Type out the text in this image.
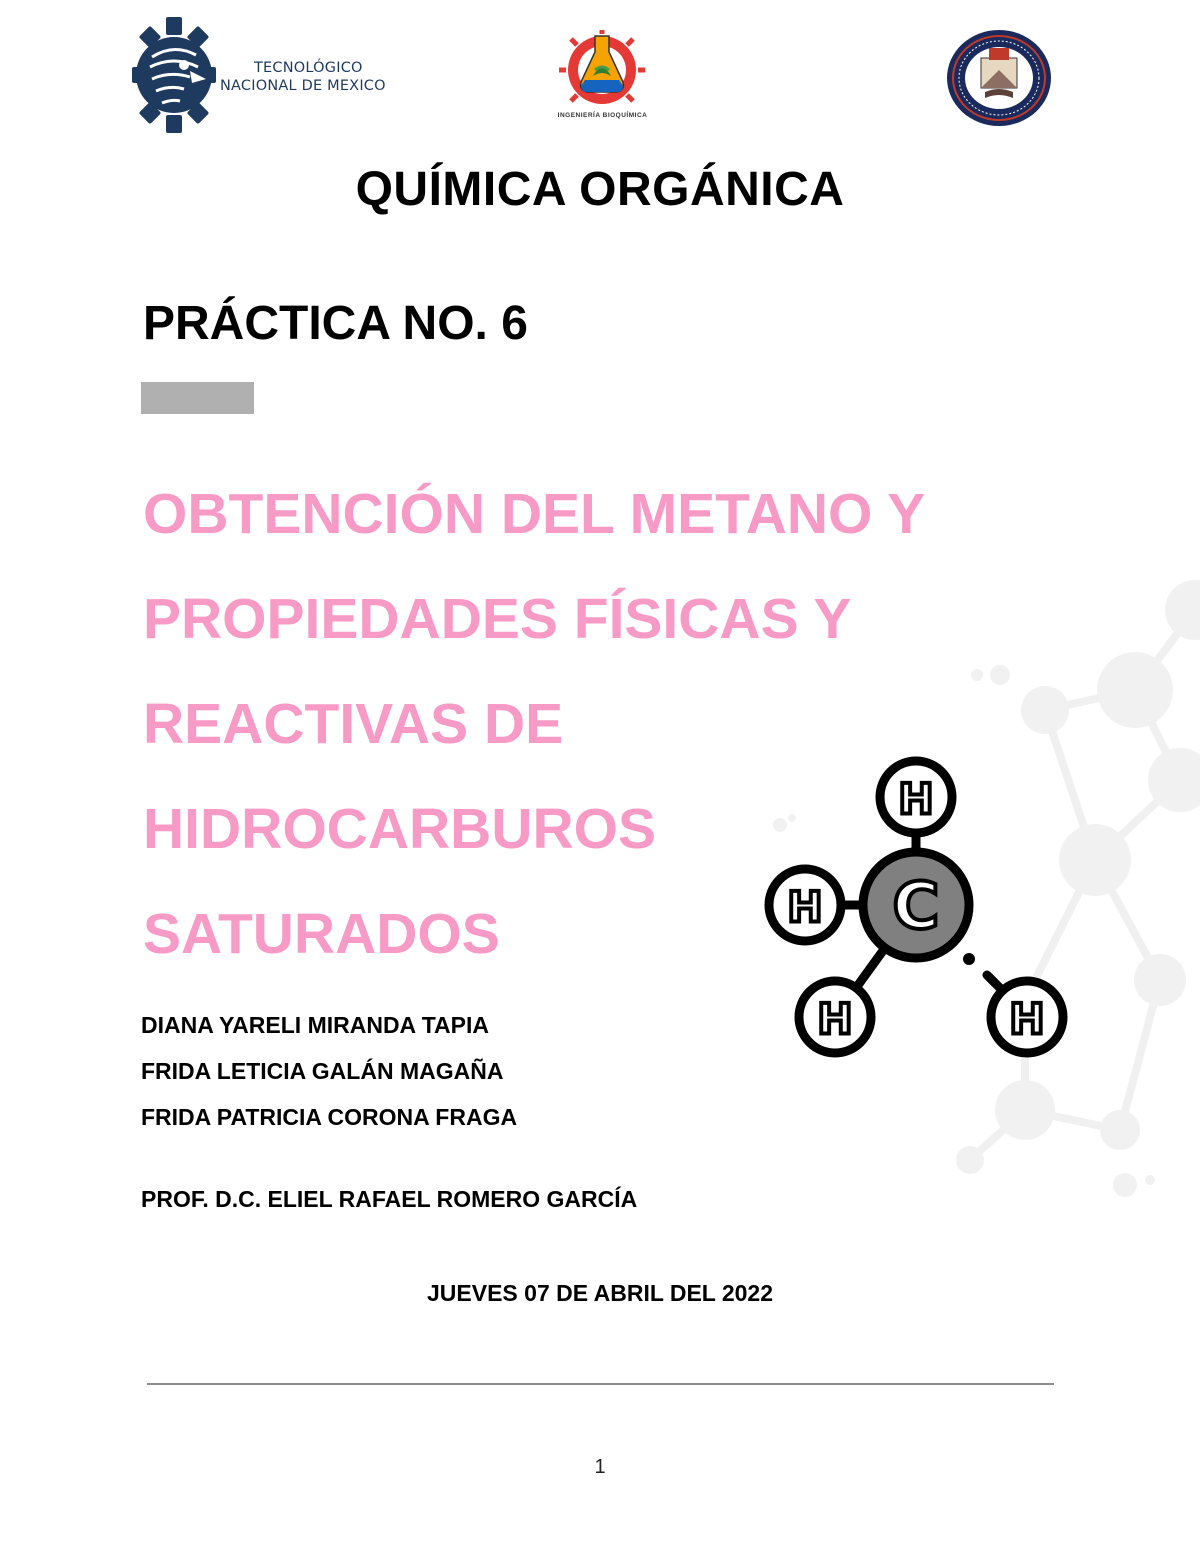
TECNOLÓGICO
NACIONAL DE MEXICO
INGENIERÍA BIOQUÍMICA
QUÍMICA ORGÁNICA
PRÁCTICA NO. 6
OBTENCIÓN DEL METANO Y
PROPIEDADES FÍSICAS Y
REACTIVAS DE
HIDROCARBUROS
SATURADOS	C
H
H
H	H
DIANA YARELI MIRANDA TAPIA
FRIDA LETICIA GALÁN MAGAÑA
FRIDA PATRICIA CORONA FRAGA
PROF. D.C. ELIEL RAFAEL ROMERO GARCÍA
JUEVES 07 DE ABRIL DEL 2022
1
